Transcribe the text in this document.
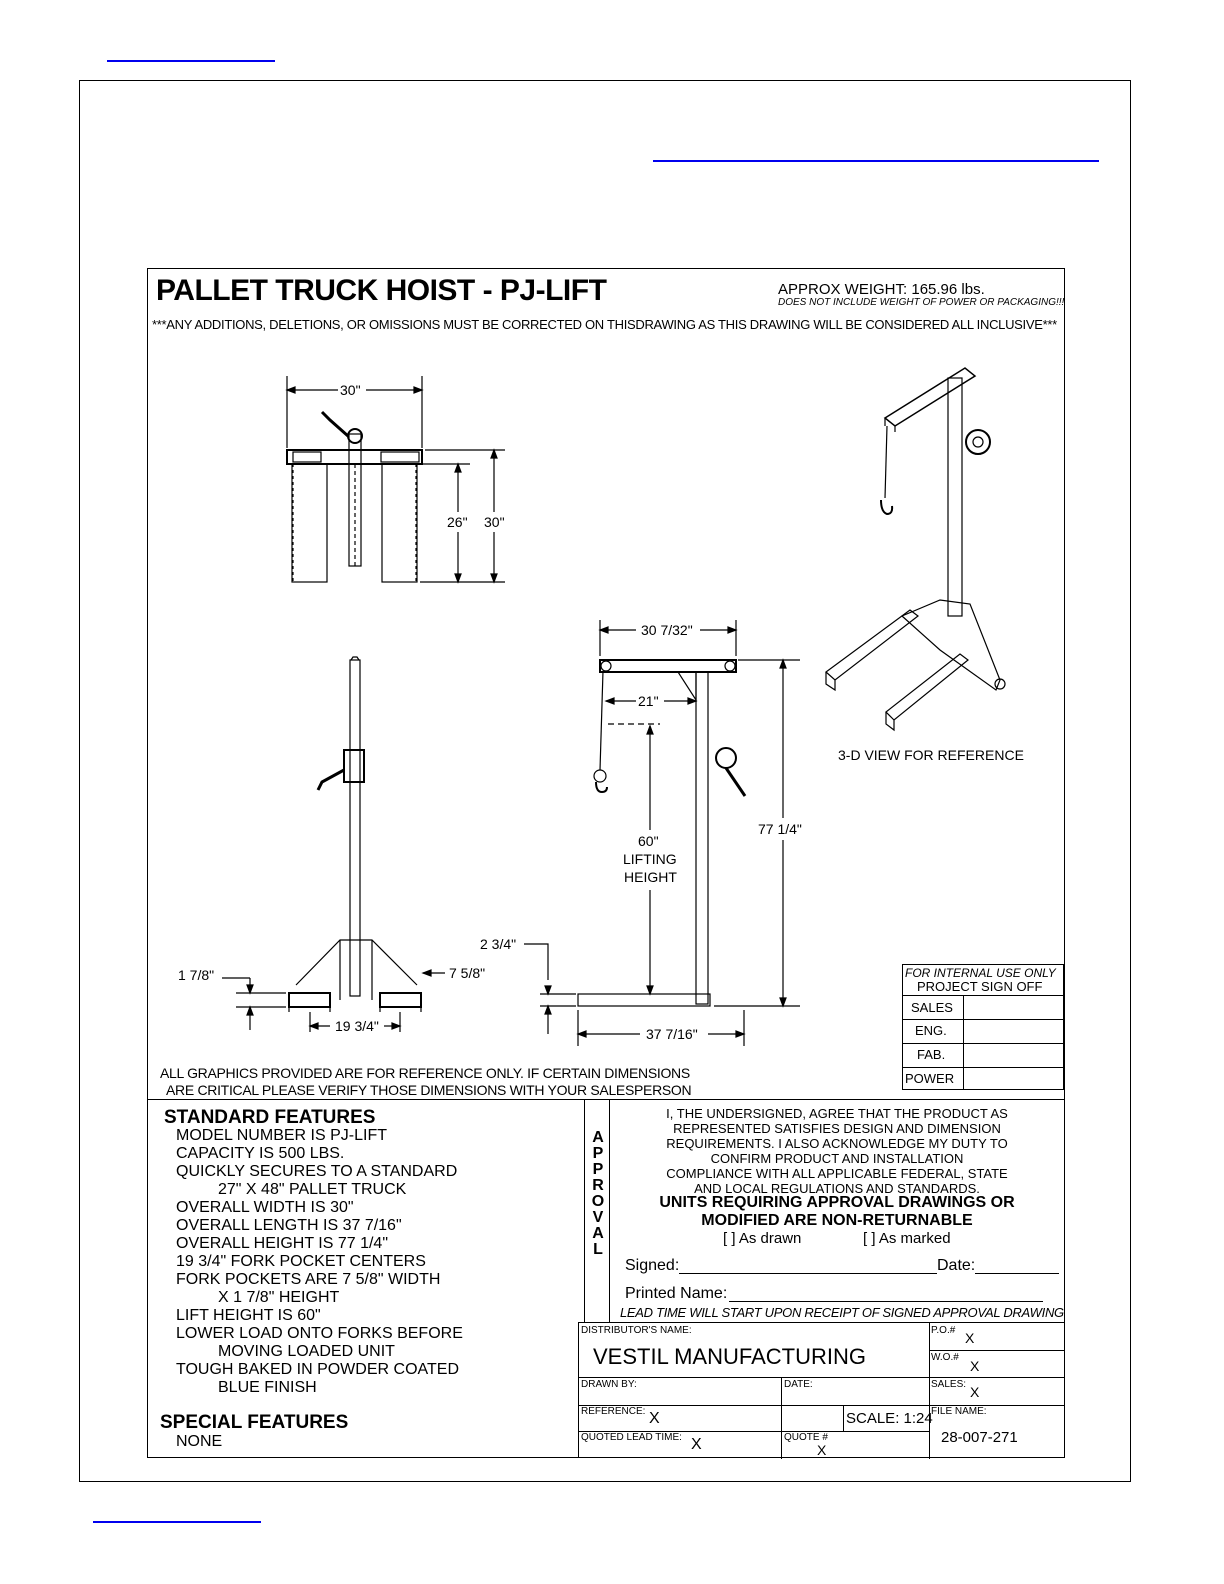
PALLET TRUCK HOIST - PJ-LIFT	APPROX WEIGHT: 165.96 lbs.
DOES NOT INCLUDE WEIGHT OF POWER OR PACKAGING!!!
***ANY ADDITIONS, DELETIONS, OR OMISSIONS MUST BE CORRECTED ON THISDRAWING AS THIS DRAWING WILL BE CONSIDERED ALL INCLUSIVE***
30"
26" 30"
30 7/32"
21"
77 1/4"
60"
LIFTING
HEIGHT
2 3/4"
1 7/8"	7 5/8"
19 3/4"	37 7/16"
3-D VIEW FOR REFERENCE
ALL GRAPHICS PROVIDED ARE FOR REFERENCE ONLY. IF CERTAIN DIMENSIONS
ARE CRITICAL PLEASE VERIFY THOSE DIMENSIONS WITH YOUR SALESPERSON
FOR INTERNAL USE ONLY
PROJECT SIGN OFF
SALES
ENG.
FAB.
POWER
STANDARD FEATURES
MODEL NUMBER IS PJ-LIFT
CAPACITY IS 500 LBS.
QUICKLY SECURES TO A STANDARD
27" X 48" PALLET TRUCK
OVERALL WIDTH IS 30"
OVERALL LENGTH IS 37 7/16"
OVERALL HEIGHT IS 77 1/4"
19 3/4" FORK POCKET CENTERS
FORK POCKETS ARE 7 5/8" WIDTH
X 1 7/8" HEIGHT
LIFT HEIGHT IS 60"
LOWER LOAD ONTO FORKS BEFORE
MOVING LOADED UNIT
TOUGH BAKED IN POWDER COATED
BLUE FINISH
SPECIAL FEATURES
NONE
A
P
P
R
O
V
A
L
I, THE UNDERSIGNED, AGREE THAT THE PRODUCT AS
REPRESENTED SATISFIES DESIGN AND DIMENSION
REQUIREMENTS. I ALSO ACKNOWLEDGE MY DUTY TO
CONFIRM PRODUCT AND INSTALLATION
COMPLIANCE WITH ALL APPLICABLE FEDERAL, STATE
AND LOCAL REGULATIONS AND STANDARDS.
UNITS REQUIRING APPROVAL DRAWINGS OR
MODIFIED ARE NON-RETURNABLE
[ ] As drawn	[ ] As marked
Signed:	Date:
Printed Name:
LEAD TIME WILL START UPON RECEIPT OF SIGNED APPROVAL DRAWING
DISTRIBUTOR'S NAME:
VESTIL MANUFACTURING
P.O.# X
W.O.#
X
DRAWN BY:	DATE:	SALES: X
REFERENCE: X	SCALE: 1:24
FILE NAME:
28-007-271
QUOTED LEAD TIME: X	QUOTE #
X
